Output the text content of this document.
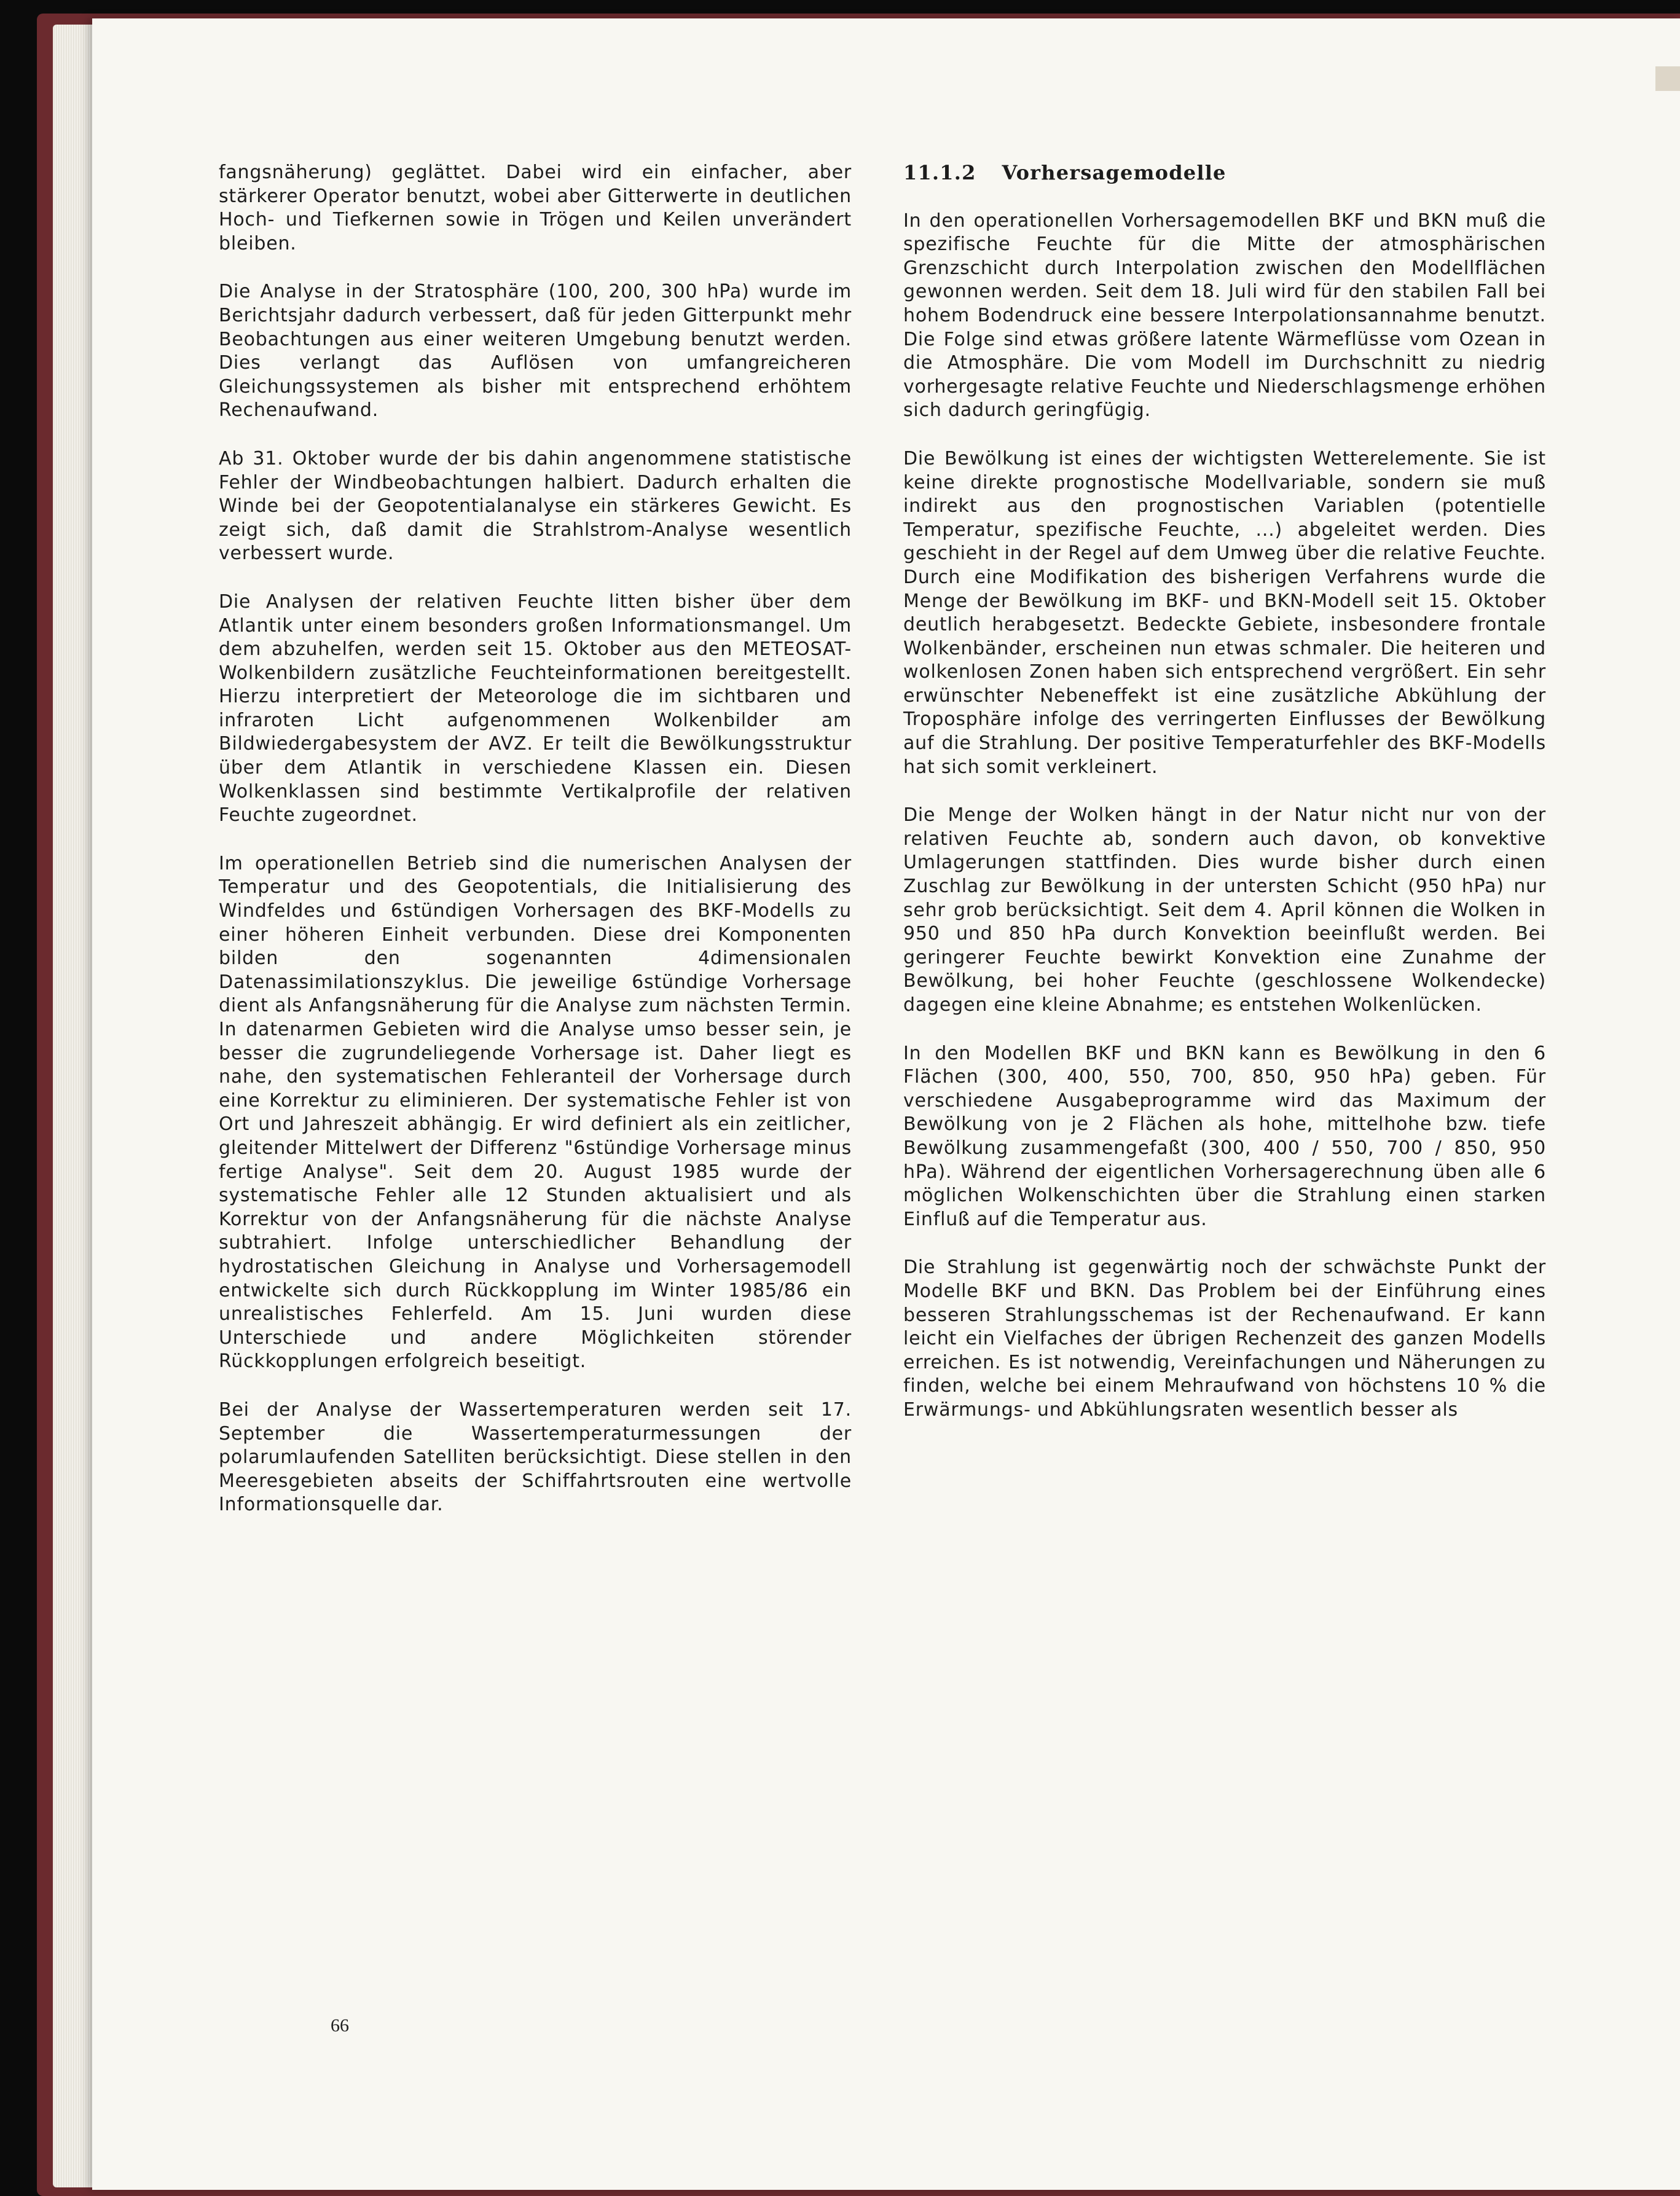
fangsnäherung) geglättet. Dabei wird ein einfacher, aber stärkerer Operator benutzt, wobei aber Gitterwerte in deutlichen Hoch- und Tiefkernen sowie in Trögen und Keilen unverändert bleiben.

Die Analyse in der Stratosphäre (100, 200, 300 hPa) wurde im Berichtsjahr dadurch verbessert, daß für jeden Gitterpunkt mehr Beobachtungen aus einer weiteren Umgebung benutzt werden. Dies verlangt das Auflösen von umfangreicheren Gleichungssystemen als bisher mit entsprechend erhöhtem Rechenaufwand.

Ab 31. Oktober wurde der bis dahin angenommene statistische Fehler der Windbeobachtungen halbiert. Dadurch erhalten die Winde bei der Geopotentialanalyse ein stärkeres Gewicht. Es zeigt sich, daß damit die Strahlstrom-Analyse wesentlich verbessert wurde.

Die Analysen der relativen Feuchte litten bisher über dem Atlantik unter einem besonders großen Informationsmangel. Um dem abzuhelfen, werden seit 15. Oktober aus den METEOSAT-Wolkenbildern zusätzliche Feuchteinformationen bereitgestellt. Hierzu interpretiert der Meteorologe die im sichtbaren und infraroten Licht aufgenommenen Wolkenbilder am Bildwiedergabesystem der AVZ. Er teilt die Bewölkungsstruktur über dem Atlantik in verschiedene Klassen ein. Diesen Wolkenklassen sind bestimmte Vertikalprofile der relativen Feuchte zugeordnet.

Im operationellen Betrieb sind die numerischen Analysen der Temperatur und des Geopotentials, die Initialisierung des Windfeldes und 6stündigen Vorhersagen des BKF-Modells zu einer höheren Einheit verbunden. Diese drei Komponenten bilden den sogenannten 4dimensionalen Datenassimilationszyklus. Die jeweilige 6stündige Vorhersage dient als Anfangsnäherung für die Analyse zum nächsten Termin. In datenarmen Gebieten wird die Analyse umso besser sein, je besser die zugrundeliegende Vorhersage ist. Daher liegt es nahe, den systematischen Fehleranteil der Vorhersage durch eine Korrektur zu eliminieren. Der systematische Fehler ist von Ort und Jahreszeit abhängig. Er wird definiert als ein zeitlicher, gleitender Mittelwert der Differenz "6stündige Vorhersage minus fertige Analyse". Seit dem 20. August 1985 wurde der systematische Fehler alle 12 Stunden aktualisiert und als Korrektur von der Anfangsnäherung für die nächste Analyse subtrahiert. Infolge unterschiedlicher Behandlung der hydrostatischen Gleichung in Analyse und Vorhersagemodell entwickelte sich durch Rückkopplung im Winter 1985/86 ein unrealistisches Fehlerfeld. Am 15. Juni wurden diese Unterschiede und andere Möglichkeiten störender Rückkopplungen erfolgreich beseitigt.

Bei der Analyse der Wassertemperaturen werden seit 17. September die Wassertemperaturmessungen der polarumlaufenden Satelliten berücksichtigt. Diese stellen in den Meeresgebieten abseits der Schiffahrtsrouten eine wertvolle Informationsquelle dar.

11.1.2 Vorhersagemodelle

In den operationellen Vorhersagemodellen BKF und BKN muß die spezifische Feuchte für die Mitte der atmosphärischen Grenzschicht durch Interpolation zwischen den Modellflächen gewonnen werden. Seit dem 18. Juli wird für den stabilen Fall bei hohem Bodendruck eine bessere Interpolationsannahme benutzt. Die Folge sind etwas größere latente Wärmeflüsse vom Ozean in die Atmosphäre. Die vom Modell im Durchschnitt zu niedrig vorhergesagte relative Feuchte und Niederschlagsmenge erhöhen sich dadurch geringfügig.

Die Bewölkung ist eines der wichtigsten Wetterelemente. Sie ist keine direkte prognostische Modellvariable, sondern sie muß indirekt aus den prognostischen Variablen (potentielle Temperatur, spezifische Feuchte, ...) abgeleitet werden. Dies geschieht in der Regel auf dem Umweg über die relative Feuchte. Durch eine Modifikation des bisherigen Verfahrens wurde die Menge der Bewölkung im BKF- und BKN-Modell seit 15. Oktober deutlich herabgesetzt. Bedeckte Gebiete, insbesondere frontale Wolkenbänder, erscheinen nun etwas schmaler. Die heiteren und wolkenlosen Zonen haben sich entsprechend vergrößert. Ein sehr erwünschter Nebeneffekt ist eine zusätzliche Abkühlung der Troposphäre infolge des verringerten Einflusses der Bewölkung auf die Strahlung. Der positive Temperaturfehler des BKF-Modells hat sich somit verkleinert.

Die Menge der Wolken hängt in der Natur nicht nur von der relativen Feuchte ab, sondern auch davon, ob konvektive Umlagerungen stattfinden. Dies wurde bisher durch einen Zuschlag zur Bewölkung in der untersten Schicht (950 hPa) nur sehr grob berücksichtigt. Seit dem 4. April können die Wolken in 950 und 850 hPa durch Konvektion beeinflußt werden. Bei geringerer Feuchte bewirkt Konvektion eine Zunahme der Bewölkung, bei hoher Feuchte (geschlossene Wolkendecke) dagegen eine kleine Abnahme; es entstehen Wolkenlücken.

In den Modellen BKF und BKN kann es Bewölkung in den 6 Flächen (300, 400, 550, 700, 850, 950 hPa) geben. Für verschiedene Ausgabeprogramme wird das Maximum der Bewölkung von je 2 Flächen als hohe, mittelhohe bzw. tiefe Bewölkung zusammengefaßt (300, 400 / 550, 700 / 850, 950 hPa). Während der eigentlichen Vorhersagerechnung üben alle 6 möglichen Wolkenschichten über die Strahlung einen starken Einfluß auf die Temperatur aus.

Die Strahlung ist gegenwärtig noch der schwächste Punkt der Modelle BKF und BKN. Das Problem bei der Einführung eines besseren Strahlungsschemas ist der Rechenaufwand. Er kann leicht ein Vielfaches der übrigen Rechenzeit des ganzen Modells erreichen. Es ist notwendig, Vereinfachungen und Näherungen zu finden, welche bei einem Mehraufwand von höchstens 10 % die Erwärmungs- und Abkühlungsraten wesentlich besser als

66
